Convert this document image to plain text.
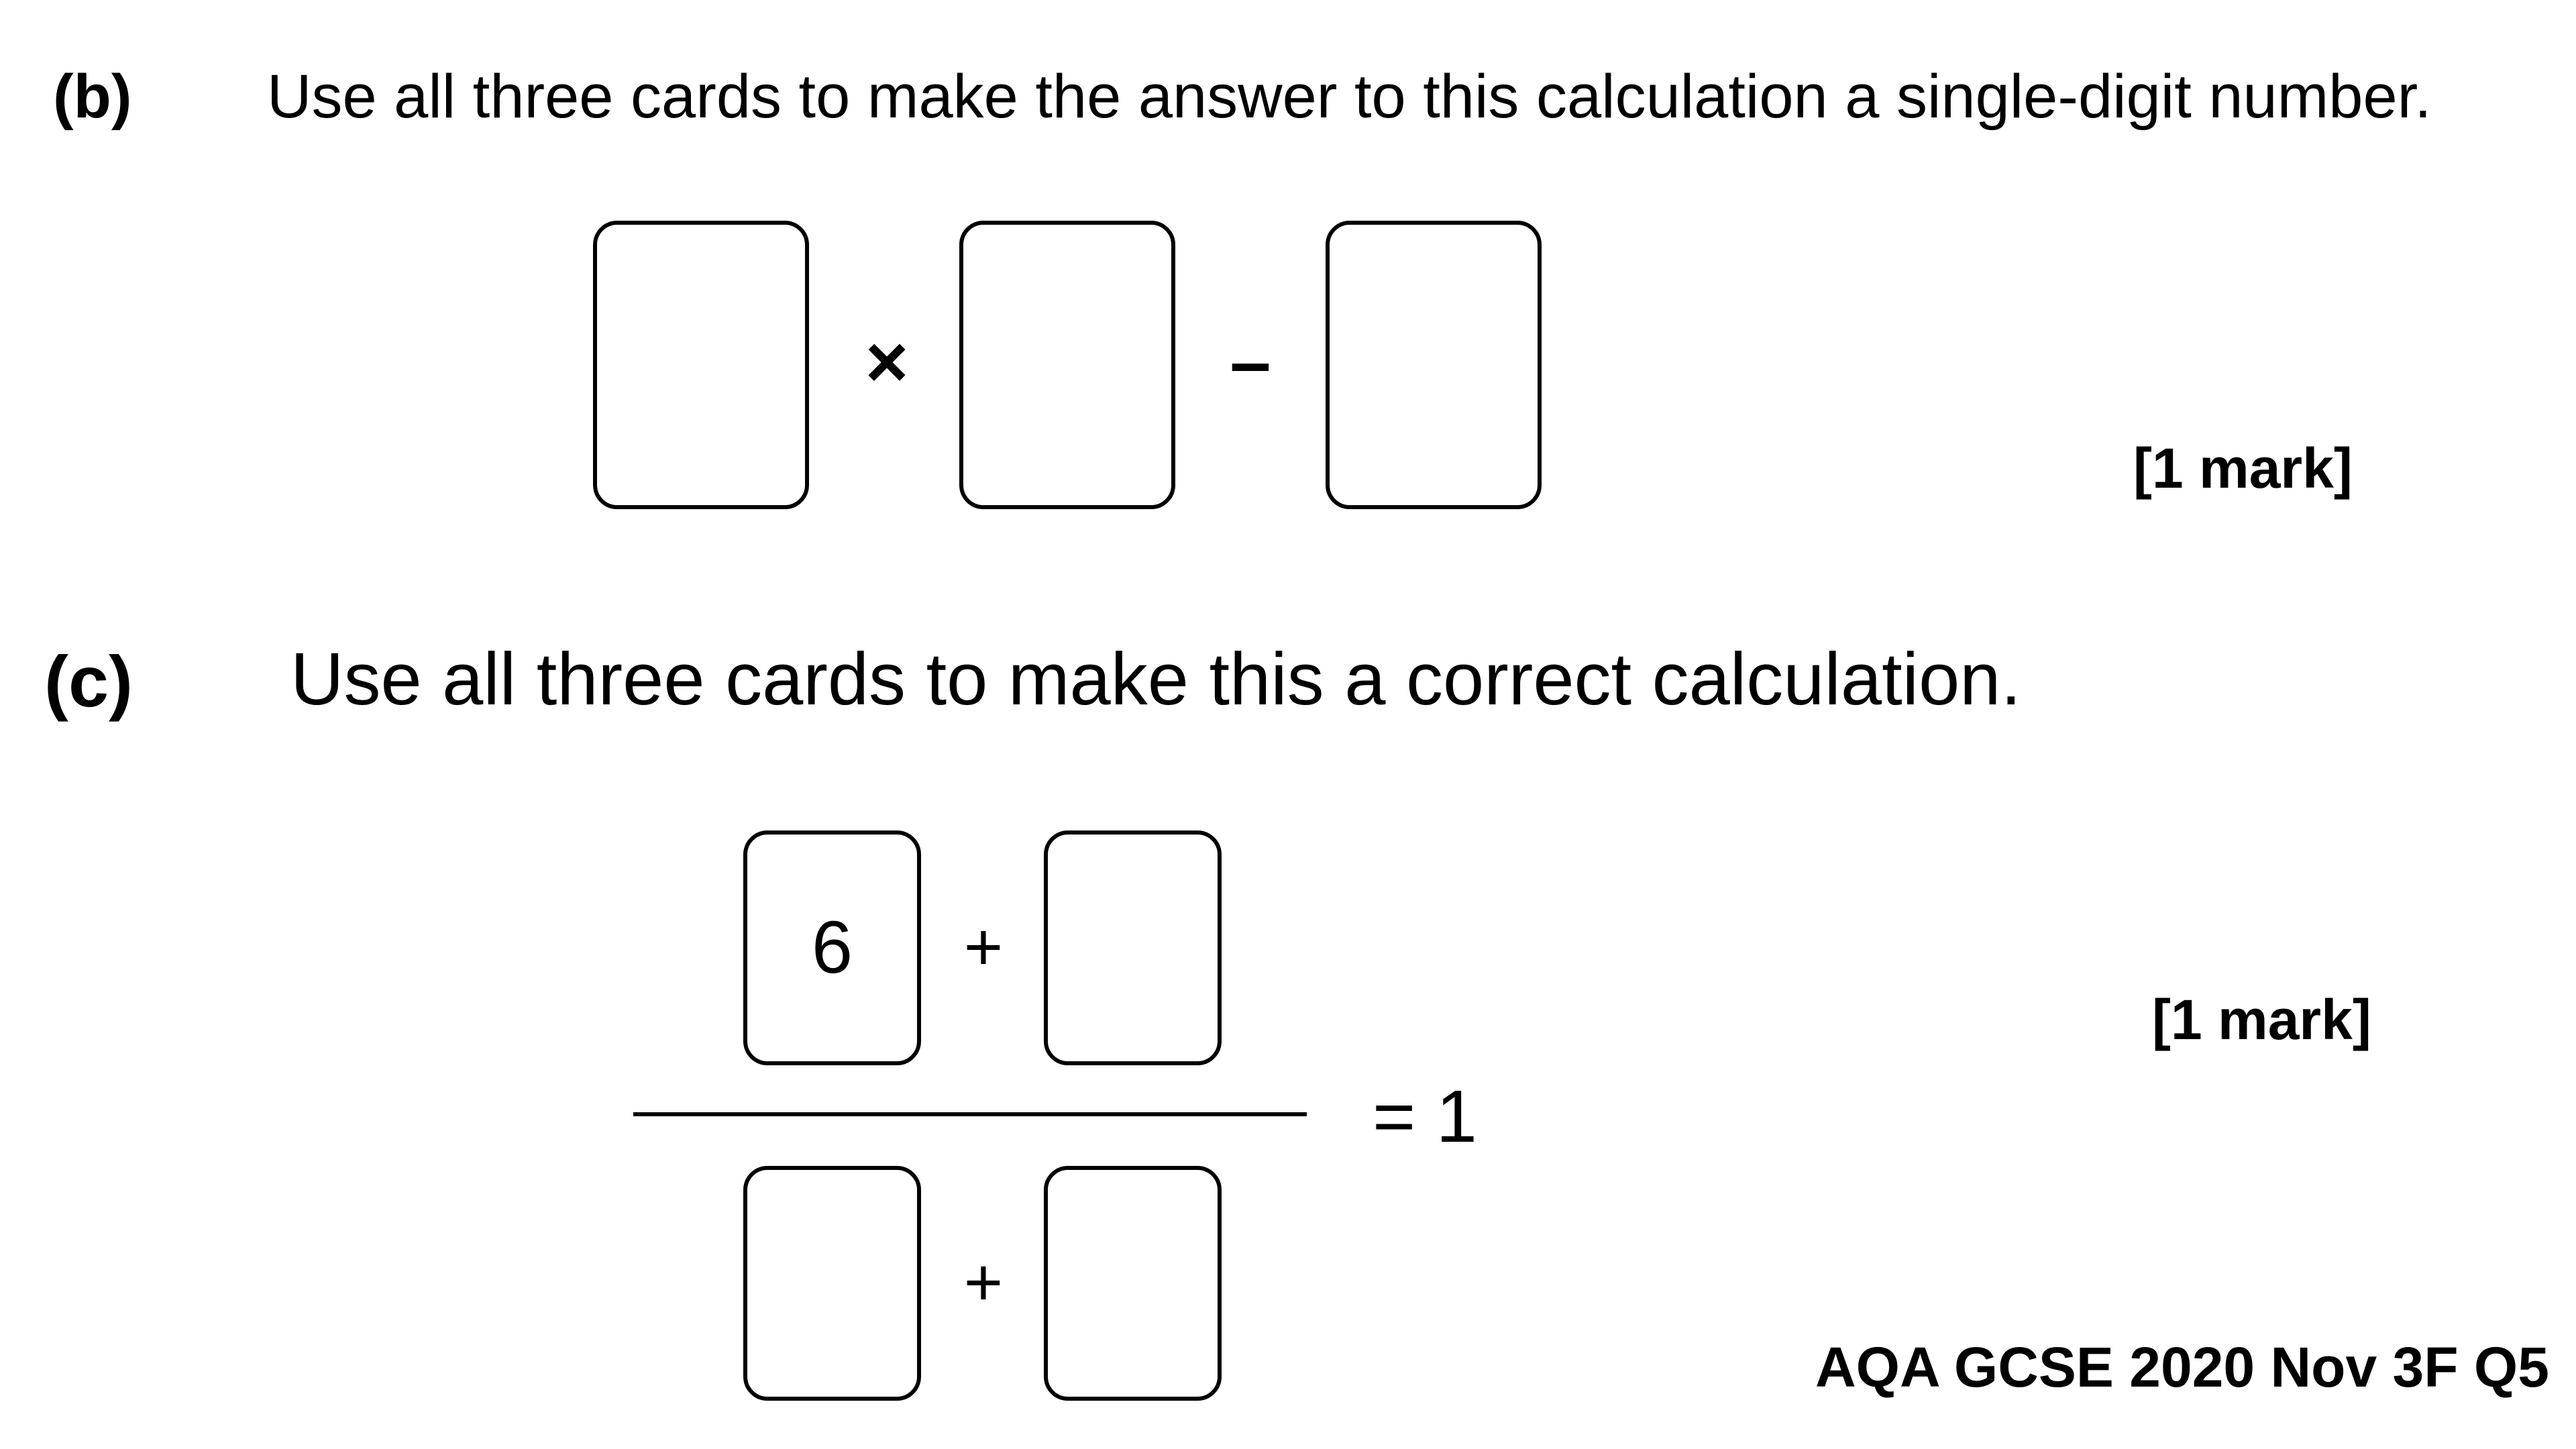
(b) Use all three cards to make the answer to this calculation a single-digit number.
×	–
[1 mark]
(c) Use all three cards to make this a correct calculation.
6	+
= 1
+
[1 mark]
AQA GCSE 2020 Nov 3F Q5
